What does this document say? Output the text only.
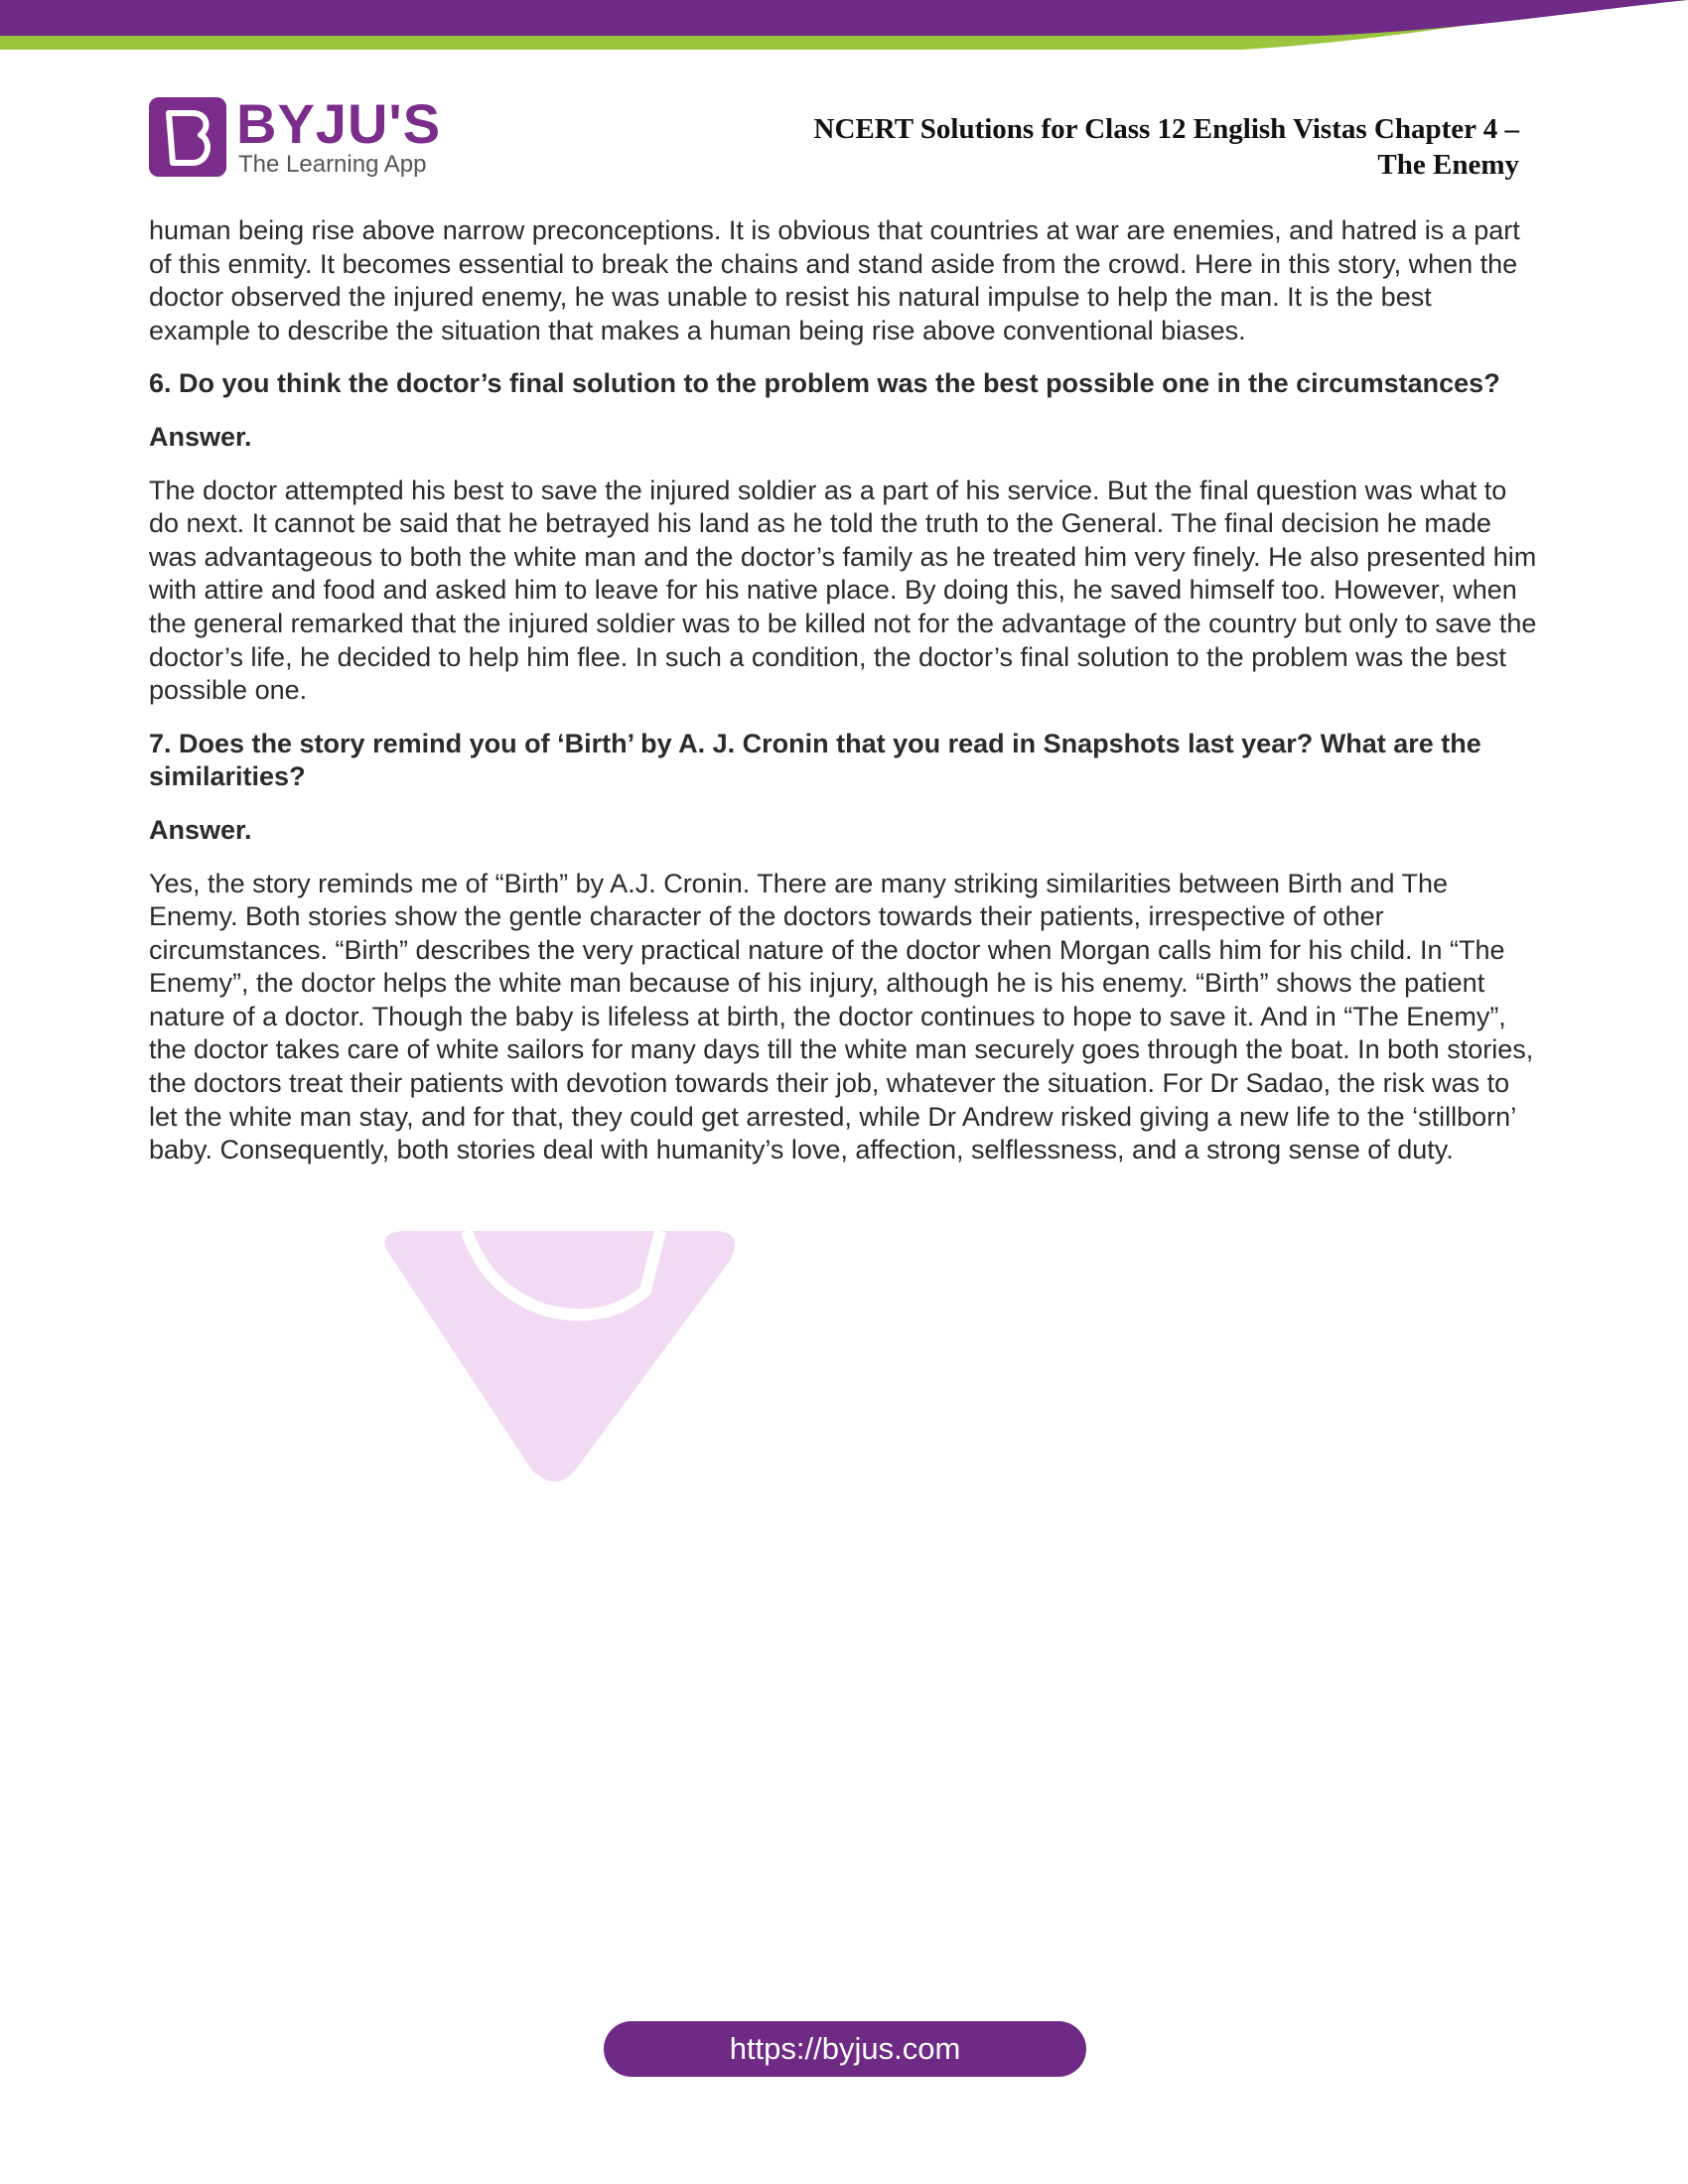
BYJU'S
The Learning App
NCERT Solutions for Class 12 English Vistas Chapter 4 –
The Enemy

human being rise above narrow preconceptions. It is obvious that countries at war are enemies, and hatred is a part of this enmity. It becomes essential to break the chains and stand aside from the crowd. Here in this story, when the doctor observed the injured enemy, he was unable to resist his natural impulse to help the man. It is the best example to describe the situation that makes a human being rise above conventional biases.

6. Do you think the doctor’s final solution to the problem was the best possible one in the circumstances?

Answer.

The doctor attempted his best to save the injured soldier as a part of his service. But the final question was what to do next. It cannot be said that he betrayed his land as he told the truth to the General. The final decision he made was advantageous to both the white man and the doctor’s family as he treated him very finely. He also presented him with attire and food and asked him to leave for his native place. By doing this, he saved himself too. However, when the general remarked that the injured soldier was to be killed not for the advantage of the country but only to save the doctor’s life, he decided to help him flee. In such a condition, the doctor’s final solution to the problem was the best possible one.

7. Does the story remind you of ‘Birth’ by A. J. Cronin that you read in Snapshots last year? What are the similarities?

Answer.

Yes, the story reminds me of “Birth” by A.J. Cronin. There are many striking similarities between Birth and The Enemy. Both stories show the gentle character of the doctors towards their patients, irrespective of other circumstances. “Birth” describes the very practical nature of the doctor when Morgan calls him for his child. In “The Enemy”, the doctor helps the white man because of his injury, although he is his enemy. “Birth” shows the patient nature of a doctor. Though the baby is lifeless at birth, the doctor continues to hope to save it. And in “The Enemy”, the doctor takes care of white sailors for many days till the white man securely goes through the boat. In both stories, the doctors treat their patients with devotion towards their job, whatever the situation. For Dr Sadao, the risk was to let the white man stay, and for that, they could get arrested, while Dr Andrew risked giving a new life to the ‘stillborn’ baby. Consequently, both stories deal with humanity’s love, affection, selflessness, and a strong sense of duty.

https://byjus.com
